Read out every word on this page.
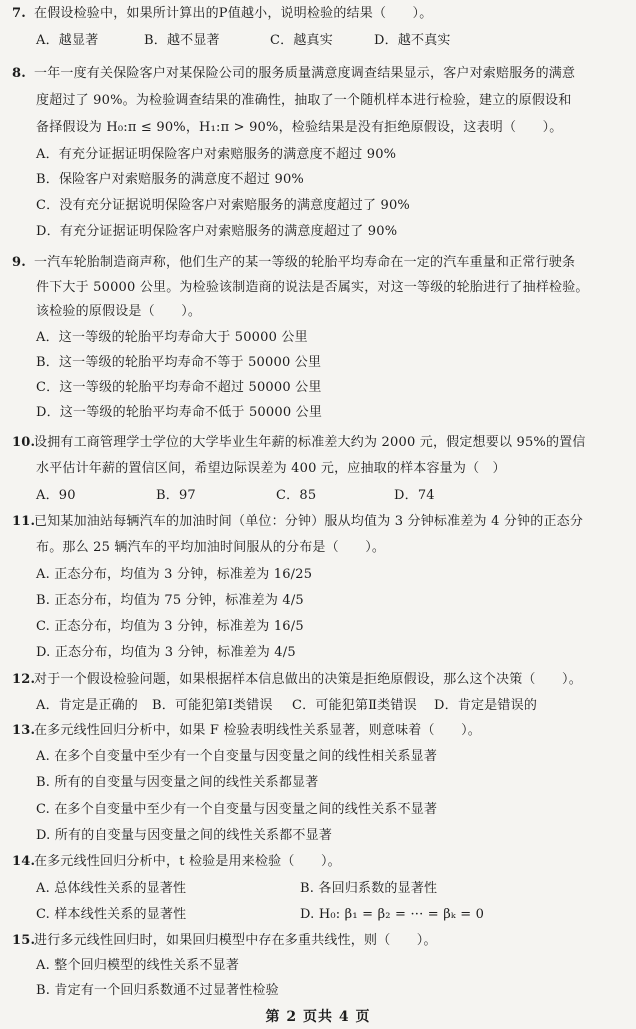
7. 在假设检验中，如果所计算出的P值越小，说明检验的结果（　　）。
A．越显著	B．越不显著	C．越真实	D．越不真实
8. 一年一度有关保险客户对某保险公司的服务质量满意度调查结果显示，客户对索赔服务的满意
度超过了 90%。为检验调查结果的准确性，抽取了一个随机样本进行检验，建立的原假设和
备择假设为 H₀:π ≤ 90%，H₁:π > 90%，检验结果是没有拒绝原假设，这表明（　　）。
A．有充分证据证明保险客户对索赔服务的满意度不超过 90%
B．保险客户对索赔服务的满意度不超过 90%
C．没有充分证据说明保险客户对索赔服务的满意度超过了 90%
D．有充分证据证明保险客户对索赔服务的满意度超过了 90%
9. 一汽车轮胎制造商声称，他们生产的某一等级的轮胎平均寿命在一定的汽车重量和正常行驶条
件下大于 50000 公里。为检验该制造商的说法是否属实，对这一等级的轮胎进行了抽样检验。
该检验的原假设是（　　）。
A．这一等级的轮胎平均寿命大于 50000 公里
B．这一等级的轮胎平均寿命不等于 50000 公里
C．这一等级的轮胎平均寿命不超过 50000 公里
D．这一等级的轮胎平均寿命不低于 50000 公里
10.设拥有工商管理学士学位的大学毕业生年薪的标准差大约为 2000 元，假定想要以 95%的置信
水平估计年薪的置信区间，希望边际误差为 400 元，应抽取的样本容量为（　）
A．90	B．97	C．85	D．74
11.已知某加油站每辆汽车的加油时间（单位：分钟）服从均值为 3 分钟标准差为 4 分钟的正态分
布。那么 25 辆汽车的平均加油时间服从的分布是（　　）。
A. 正态分布，均值为 3 分钟，标准差为 16/25
B. 正态分布，均值为 75 分钟，标准差为 4/5
C. 正态分布，均值为 3 分钟，标准差为 16/5
D. 正态分布，均值为 3 分钟，标准差为 4/5
12.对于一个假设检验问题，如果根据样本信息做出的决策是拒绝原假设，那么这个决策（　　）。
A．肯定是正确的 B．可能犯第Ⅰ类错误 C．可能犯第Ⅱ类错误 D．肯定是错误的
13.在多元线性回归分析中，如果 F 检验表明线性关系显著，则意味着（　　）。
A. 在多个自变量中至少有一个自变量与因变量之间的线性相关系显著
B. 所有的自变量与因变量之间的线性关系都显著
C. 在多个自变量中至少有一个自变量与因变量之间的线性关系不显著
D. 所有的自变量与因变量之间的线性关系都不显著
14.在多元线性回归分析中，t 检验是用来检验（　　）。
A. 总体线性关系的显著性	B. 各回归系数的显著性
C. 样本线性关系的显著性	D. H₀: β₁ = β₂ = ··· = βₖ = 0
15.进行多元线性回归时，如果回归模型中存在多重共线性，则（　　）。
A. 整个回归模型的线性关系不显著
B. 肯定有一个回归系数通不过显著性检验
第 2 页共 4 页
